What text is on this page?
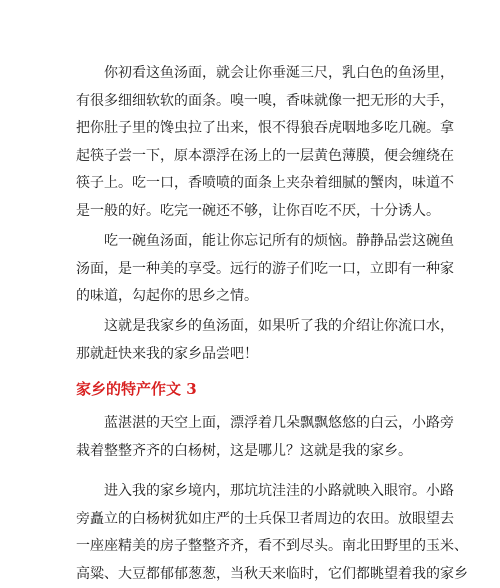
　　你初看这鱼汤面，就会让你垂涎三尺，乳白色的鱼汤里，
有很多细细软软的面条。嗅一嗅，香味就像一把无形的大手，
把你肚子里的馋虫拉了出来，恨不得狼吞虎咽地多吃几碗。拿
起筷子尝一下，原本漂浮在汤上的一层黄色薄膜，便会缠绕在
筷子上。吃一口，香喷喷的面条上夹杂着细腻的蟹肉，味道不
是一般的好。吃完一碗还不够，让你百吃不厌，十分诱人。

　　吃一碗鱼汤面，能让你忘记所有的烦恼。静静品尝这碗鱼
汤面，是一种美的享受。远行的游子们吃一口，立即有一种家
的味道，勾起你的思乡之情。

　　这就是我家乡的鱼汤面，如果听了我的介绍让你流口水，
那就赶快来我的家乡品尝吧！

家乡的特产作文 3

　　蓝湛湛的天空上面，漂浮着几朵飘飘悠悠的白云，小路旁
栽着整整齐齐的白杨树，这是哪儿？这就是我的家乡。

　　进入我的家乡境内，那坑坑洼洼的小路就映入眼帘。小路
旁矗立的白杨树犹如庄严的士兵保卫者周边的农田。放眼望去
一座座精美的房子整整齐齐，看不到尽头。南北田野里的玉米、
高粱、大豆都郁郁葱葱，当秋天来临时，它们都眺望着我的家乡
